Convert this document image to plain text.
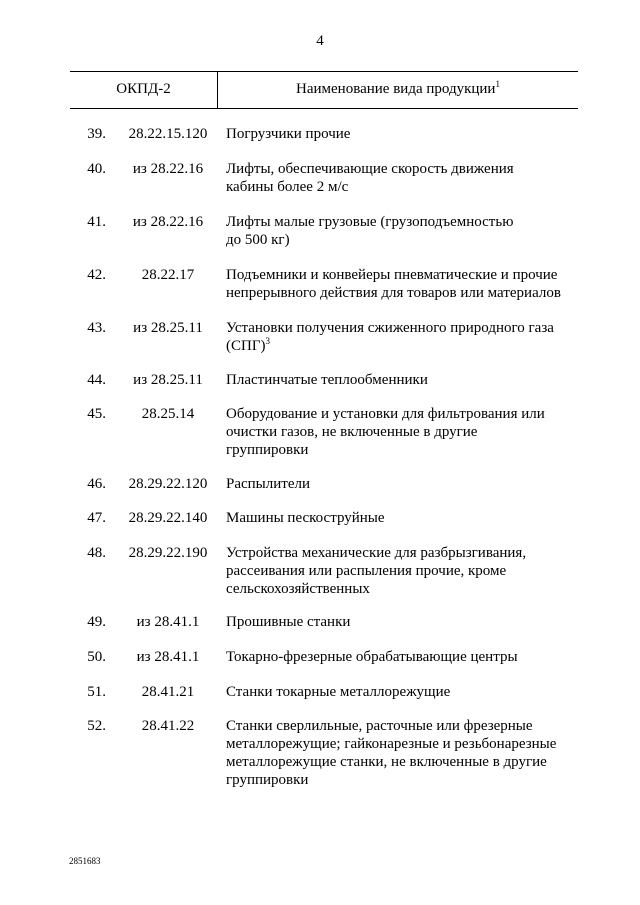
4
ОКПД-2	Наименование вида продукции$^1$
39.	28.22.15.120	Погрузчики прочие
40.	из 28.22.16	Лифты, обеспечивающие скорость движения
кабины более 2 м/с
41.	из 28.22.16	Лифты малые грузовые (грузоподъемностью
до 500 кг)
42.	28.22.17	Подъемники и конвейеры пневматические и прочие
непрерывного действия для товаров или материалов
43.	из 28.25.11	Установки получения сжиженного природного газа
(СПГ)$^3$
44.	из 28.25.11	Пластинчатые теплообменники
45.	28.25.14	Оборудование и установки для фильтрования или
очистки газов, не включенные в другие
группировки
46.	28.29.22.120	Распылители
47.	28.29.22.140	Машины пескоструйные
48.	28.29.22.190	Устройства механические для разбрызгивания,
рассеивания или распыления прочие, кроме
сельскохозяйственных
49.	из 28.41.1	Прошивные станки
50.	из 28.41.1	Токарно-фрезерные обрабатывающие центры
51.	28.41.21	Станки токарные металлорежущие
52.	28.41.22	Станки сверлильные, расточные или фрезерные
металлорежущие; гайконарезные и резьбонарезные
металлорежущие станки, не включенные в другие
группировки
2851683
